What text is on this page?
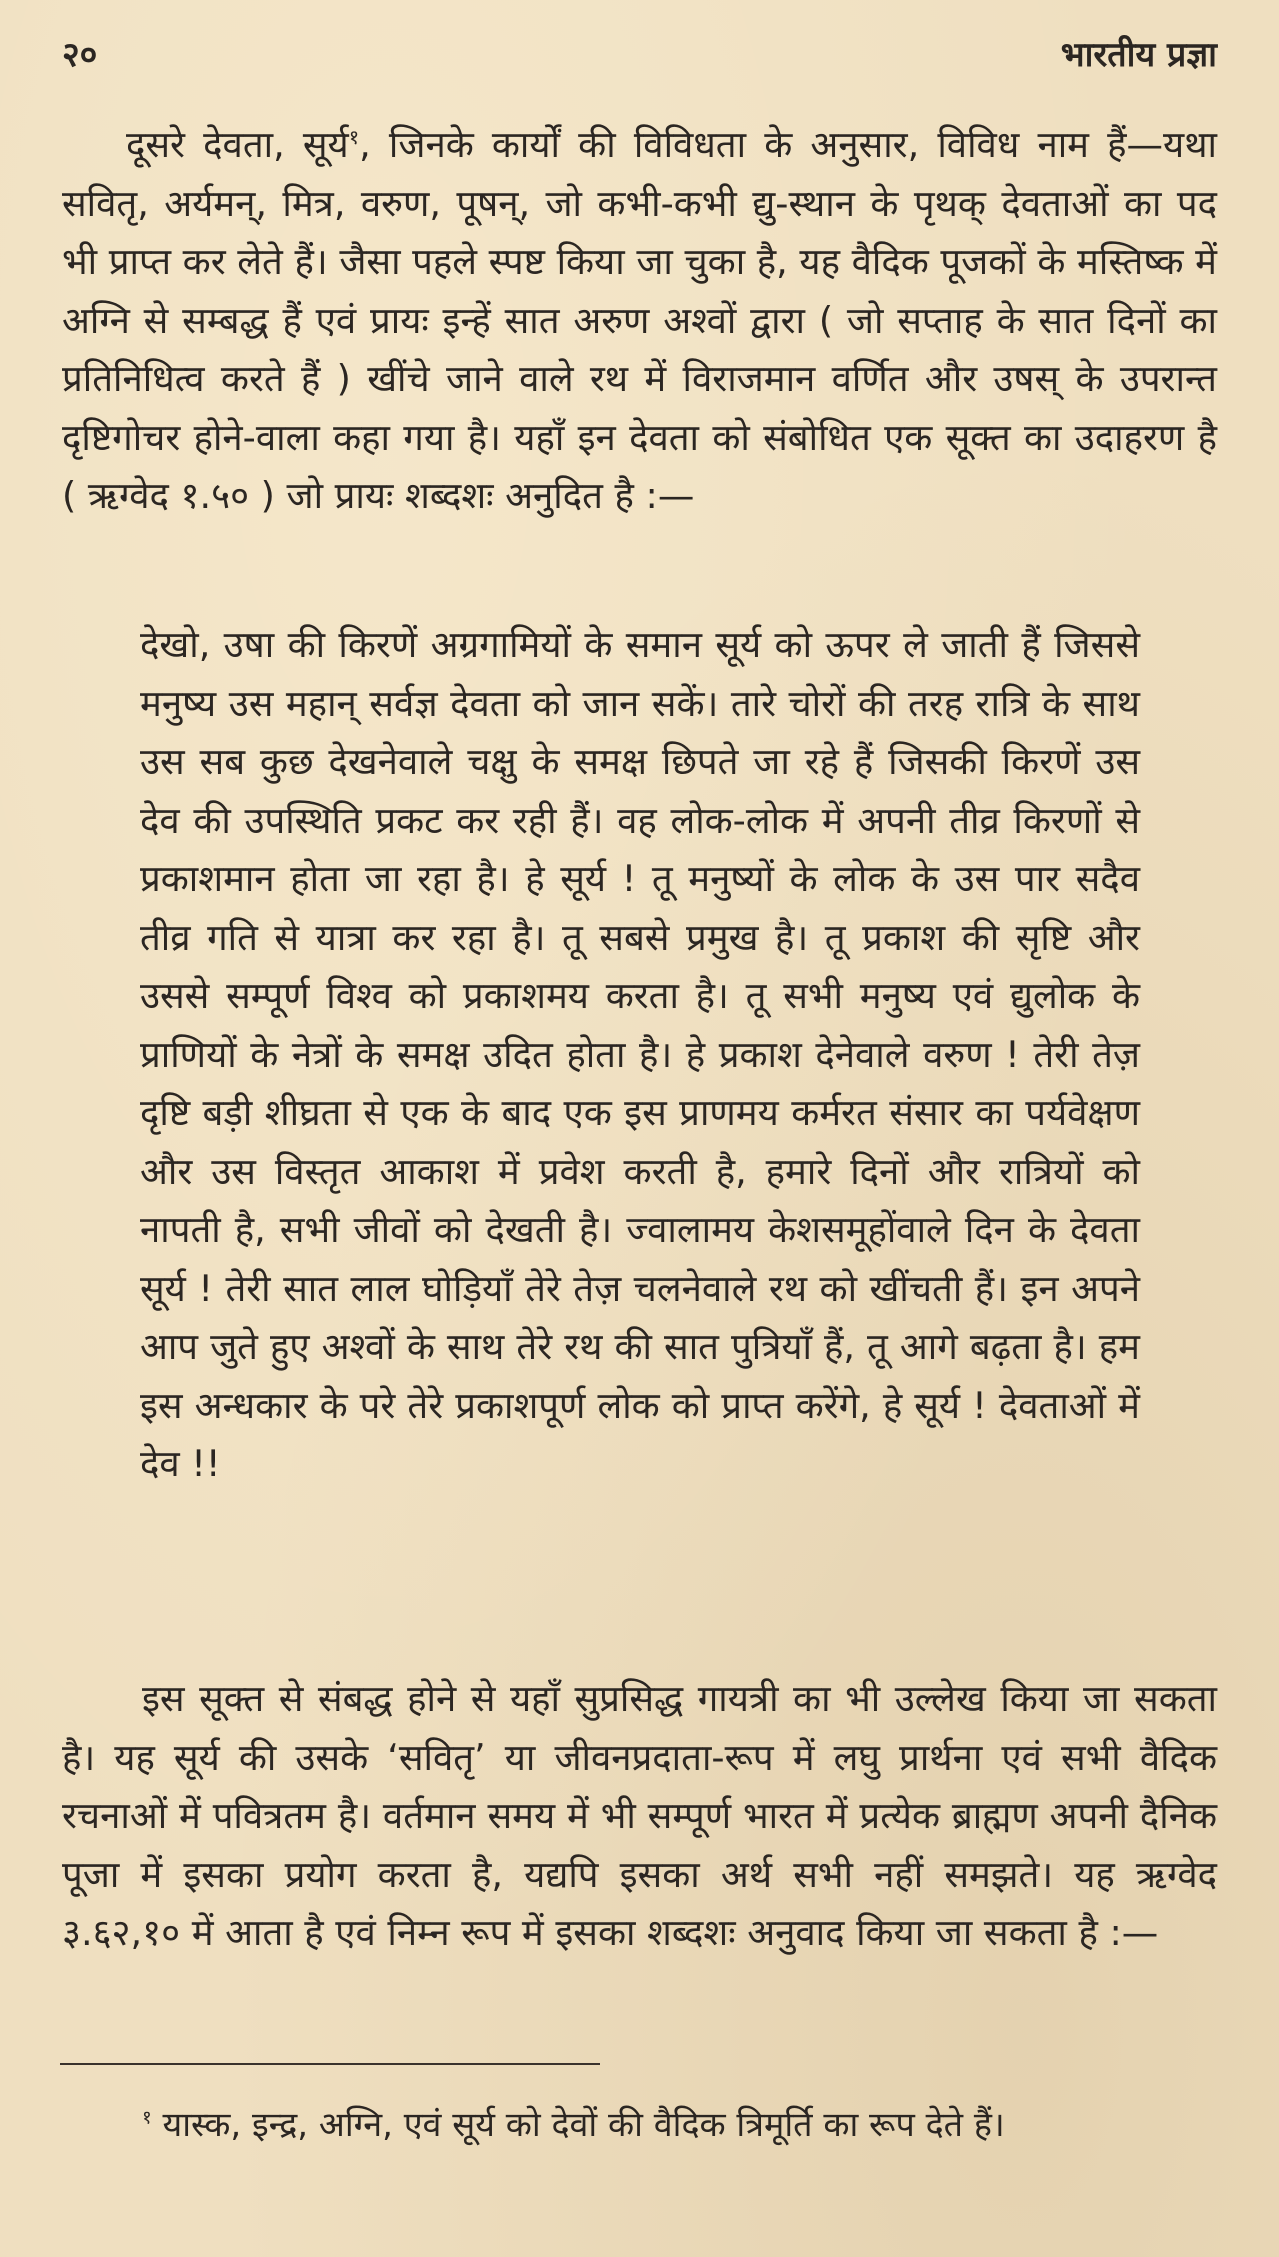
२०	भारतीय प्रज्ञा

दूसरे देवता, सूर्य$^१$, जिनके कार्यों की विविधता के अनुसार, विविध नाम हैं—यथा सवितृ, अर्यमन्, मित्र, वरुण, पूषन्, जो कभी-कभी द्यु-स्थान के पृथक् देवताओं का पद भी प्राप्त कर लेते हैं। जैसा पहले स्पष्ट किया जा चुका है, यह वैदिक पूजकों के मस्तिष्क में अग्नि से सम्बद्ध हैं एवं प्रायः इन्हें सात अरुण अश्वों द्वारा ( जो सप्ताह के सात दिनों का प्रतिनिधित्व करते हैं ) खींचे जाने वाले रथ में विराजमान वर्णित और उषस् के उपरान्त दृष्टिगोचर होने-वाला कहा गया है। यहाँ इन देवता को संबोधित एक सूक्त का उदाहरण है ( ऋग्वेद १.५० ) जो प्रायः शब्दशः अनुदित है :—

देखो, उषा की किरणें अग्रगामियों के समान सूर्य को ऊपर ले जाती हैं जिससे मनुष्य उस महान् सर्वज्ञ देवता को जान सकें। तारे चोरों की तरह रात्रि के साथ उस सब कुछ देखनेवाले चक्षु के समक्ष छिपते जा रहे हैं जिसकी किरणें उस देव की उपस्थिति प्रकट कर रही हैं। वह लोक-लोक में अपनी तीव्र किरणों से प्रकाशमान होता जा रहा है। हे सूर्य ! तू मनुष्यों के लोक के उस पार सदैव तीव्र गति से यात्रा कर रहा है। तू सबसे प्रमुख है। तू प्रकाश की सृष्टि और उससे सम्पूर्ण विश्व को प्रकाशमय करता है। तू सभी मनुष्य एवं द्युलोक के प्राणियों के नेत्रों के समक्ष उदित होता है। हे प्रकाश देनेवाले वरुण ! तेरी तेज़ दृष्टि बड़ी शीघ्रता से एक के बाद एक इस प्राणमय कर्मरत संसार का पर्यवेक्षण और उस विस्तृत आकाश में प्रवेश करती है, हमारे दिनों और रात्रियों को नापती है, सभी जीवों को देखती है। ज्वालामय केशसमूहोंवाले दिन के देवता सूर्य ! तेरी सात लाल घोड़ियाँ तेरे तेज़ चलनेवाले रथ को खींचती हैं। इन अपने आप जुते हुए अश्वों के साथ तेरे रथ की सात पुत्रियाँ हैं, तू आगे बढ़ता है। हम इस अन्धकार के परे तेरे प्रकाशपूर्ण लोक को प्राप्त करेंगे, हे सूर्य ! देवताओं में देव !!

इस सूक्त से संबद्ध होने से यहाँ सुप्रसिद्ध गायत्री का भी उल्लेख किया जा सकता है। यह सूर्य की उसके ‘सवितृ’ या जीवनप्रदाता-रूप में लघु प्रार्थना एवं सभी वैदिक रचनाओं में पवित्रतम है। वर्तमान समय में भी सम्पूर्ण भारत में प्रत्येक ब्राह्मण अपनी दैनिक पूजा में इसका प्रयोग करता है, यद्यपि इसका अर्थ सभी नहीं समझते। यह ऋग्वेद ३.६२,१० में आता है एवं निम्न रूप में इसका शब्दशः अनुवाद किया जा सकता है :—

$^१$ यास्क, इन्द्र, अग्नि, एवं सूर्य को देवों की वैदिक त्रिमूर्ति का रूप देते हैं।
